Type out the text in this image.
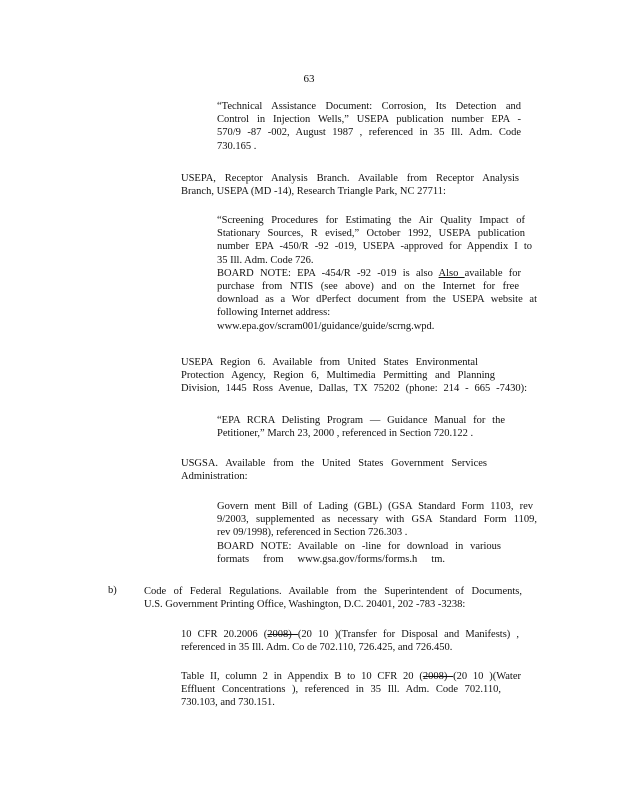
63
“Technical Assistance Document: Corrosion, Its Detection and
Control in Injection Wells,” USEPA publication number EPA -
570/9 -87 -002, August 1987 , referenced in 35 Ill. Adm. Code
730.165 .
USEPA, Receptor Analysis Branch. Available from Receptor Analysis
Branch, USEPA (MD -14), Research Triangle Park, NC 27711:
“Screening Procedures for Estimating the Air Quality Impact of
Stationary Sources, R evised,” October 1992, USEPA publication
number EPA -450/R -92 -019, USEPA -approved for Appendix I to
35 Ill. Adm. Code 726.
BOARD NOTE: EPA -454/R -92 -019 is also Also available for
purchase from NTIS (see above) and on the Internet for free
download as a Wor dPerfect document from the USEPA website at
following Internet address:
www.epa.gov/scram001/guidance/guide/scrng.wpd.
USEPA Region 6. Available from United States Environmental
Protection Agency, Region 6, Multimedia Permitting and Planning
Division, 1445 Ross Avenue, Dallas, TX 75202 (phone: 214 - 665 -7430):
“EPA RCRA Delisting Program — Guidance Manual for the
Petitioner,” March 23, 2000 , referenced in Section 720.122 .
USGSA. Available from the United States Government Services
Administration:
Govern ment Bill of Lading (GBL) (GSA Standard Form 1103, rev
9/2003, supplemented as necessary with GSA Standard Form 1109,
rev 09/1998), referenced in Section 726.303 .
BOARD NOTE: Available on -line for download in various
formats from www.gsa.gov/forms/forms.h tm.
b)	Code of Federal Regulations. Available from the Superintendent of Documents,
U.S. Government Printing Office, Washington, D.C. 20401, 202 -783 -3238:
10 CFR 20.2006 (2008) (20 10 )(Transfer for Disposal and Manifests) ,
referenced in 35 Ill. Adm. Co de 702.110, 726.425, and 726.450.
Table II, column 2 in Appendix B to 10 CFR 20 (2008) (20 10 )(Water
Effluent Concentrations ), referenced in 35 Ill. Adm. Code 702.110,
730.103, and 730.151.
